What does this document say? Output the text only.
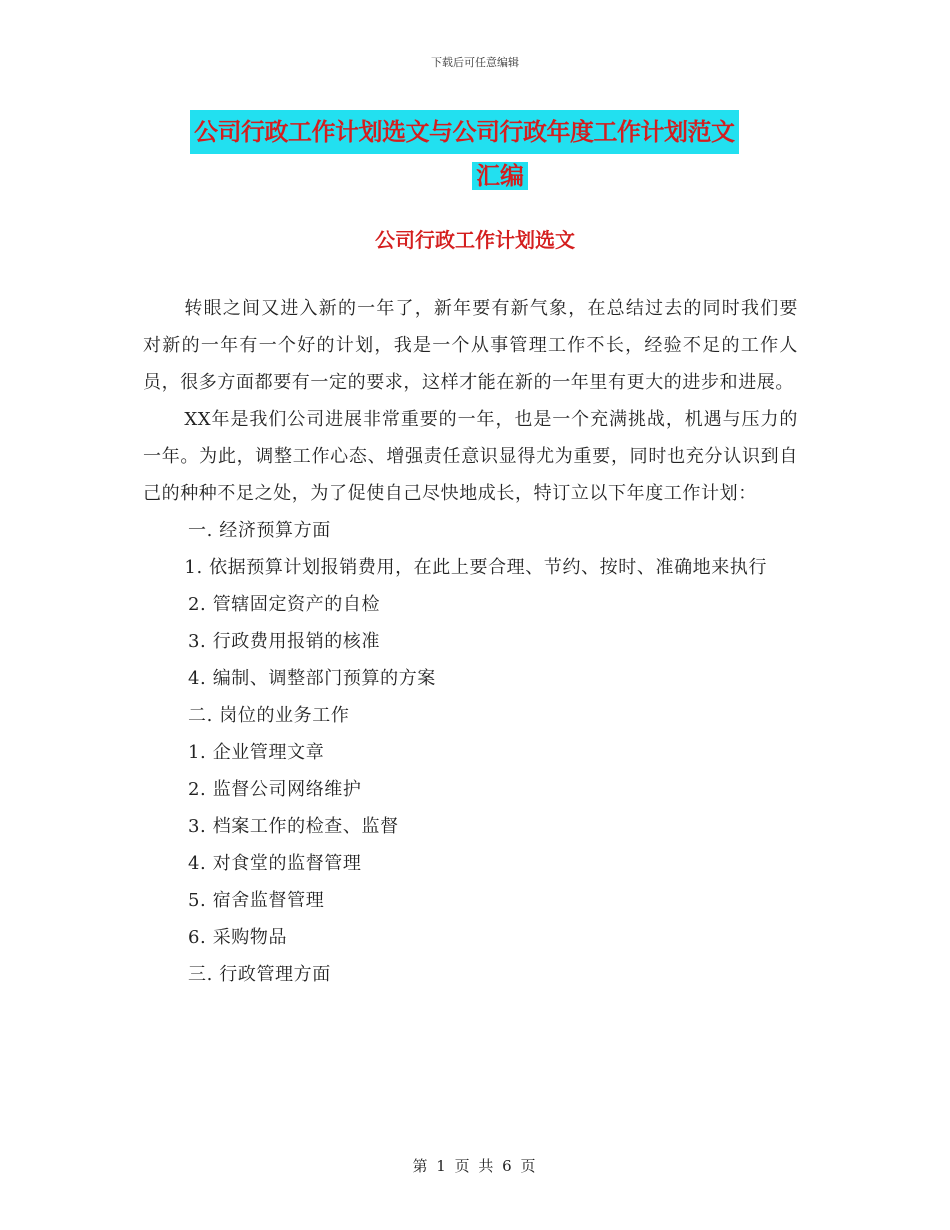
下载后可任意编辑
公司行政工作计划选文与公司行政年度工作计划范文
汇编
公司行政工作计划选文

转眼之间又进入新的一年了，新年要有新气象，在总结过去的同时我们要对新的一年有一个好的计划，我是一个从事管理工作不长，经验不足的工作人员，很多方面都要有一定的要求，这样才能在新的一年里有更大的进步和进展。

XX年是我们公司进展非常重要的一年，也是一个充满挑战，机遇与压力的一年。为此，调整工作心态、增强责任意识显得尤为重要，同时也充分认识到自己的种种不足之处，为了促使自己尽快地成长，特订立以下年度工作计划：

一. 经济预算方面

1. 依据预算计划报销费用，在此上要合理、节约、按时、准确地来执行

2. 管辖固定资产的自检

3. 行政费用报销的核准

4. 编制、调整部门预算的方案

二. 岗位的业务工作

1. 企业管理文章

2. 监督公司网络维护

3. 档案工作的检查、监督

4. 对食堂的监督管理

5. 宿舍监督管理

6. 采购物品

三. 行政管理方面

第 1 页 共 6 页
